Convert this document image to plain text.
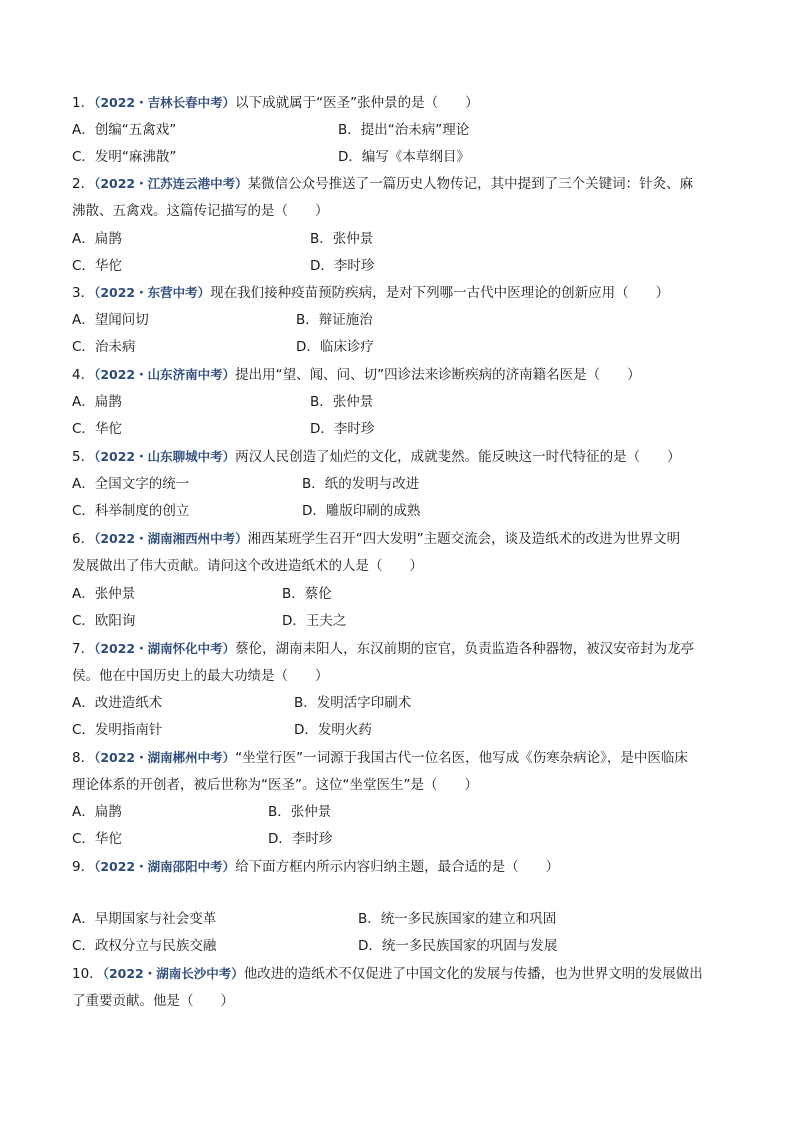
1．（2022・吉林长春中考）以下成就属于“医圣”张仲景的是（　　）
A．创编“五禽戏”	B．提出“治未病”理论
C．发明“麻沸散”	D．编写《本草纲目》
2．（2022・江苏连云港中考）某微信公众号推送了一篇历史人物传记，其中提到了三个关键词：针灸、麻
沸散、五禽戏。这篇传记描写的是（　　）
A．扁鹊	B．张仲景
C．华佗	D．李时珍
3．（2022・东营中考）现在我们接种疫苗预防疾病，是对下列哪一古代中医理论的创新应用（　　）
A．望闻问切	B．辩证施治
C．治未病	D．临床诊疗
4．（2022・山东济南中考）提出用“望、闻、问、切”四诊法来诊断疾病的济南籍名医是（　　）
A．扁鹊	B．张仲景
C．华佗	D．李时珍
5．（2022・山东聊城中考）两汉人民创造了灿烂的文化，成就斐然。能反映这一时代特征的是（　　）
A．全国文字的统一	B．纸的发明与改进
C．科举制度的创立	D．雕版印刷的成熟
6．（2022・湖南湘西州中考）湘西某班学生召开“四大发明”主题交流会，谈及造纸术的改进为世界文明
发展做出了伟大贡献。请问这个改进造纸术的人是（　　）
A．张仲景	B．蔡伦
C．欧阳询	D．王夫之
7．（2022・湖南怀化中考）蔡伦，湖南耒阳人，东汉前期的宦官，负责监造各种器物，被汉安帝封为龙亭
侯。他在中国历史上的最大功绩是（　　）
A．改进造纸术	B．发明活字印刷术
C．发明指南针	D．发明火药
8．（2022・湖南郴州中考）“坐堂行医”一词源于我国古代一位名医，他写成《伤寒杂病论》，是中医临床
理论体系的开创者，被后世称为“医圣”。这位“坐堂医生”是（　　）
A．扁鹊	B．张仲景
C．华佗	D．李时珍
9．（2022・湖南邵阳中考）给下面方框内所示内容归纳主题，最合适的是（　　）
A．早期国家与社会变革	B．统一多民族国家的建立和巩固
C．政权分立与民族交融	D．统一多民族国家的巩固与发展
10．（2022・湖南长沙中考）他改进的造纸术不仅促进了中国文化的发展与传播，也为世界文明的发展做出
了重要贡献。他是（　　）
